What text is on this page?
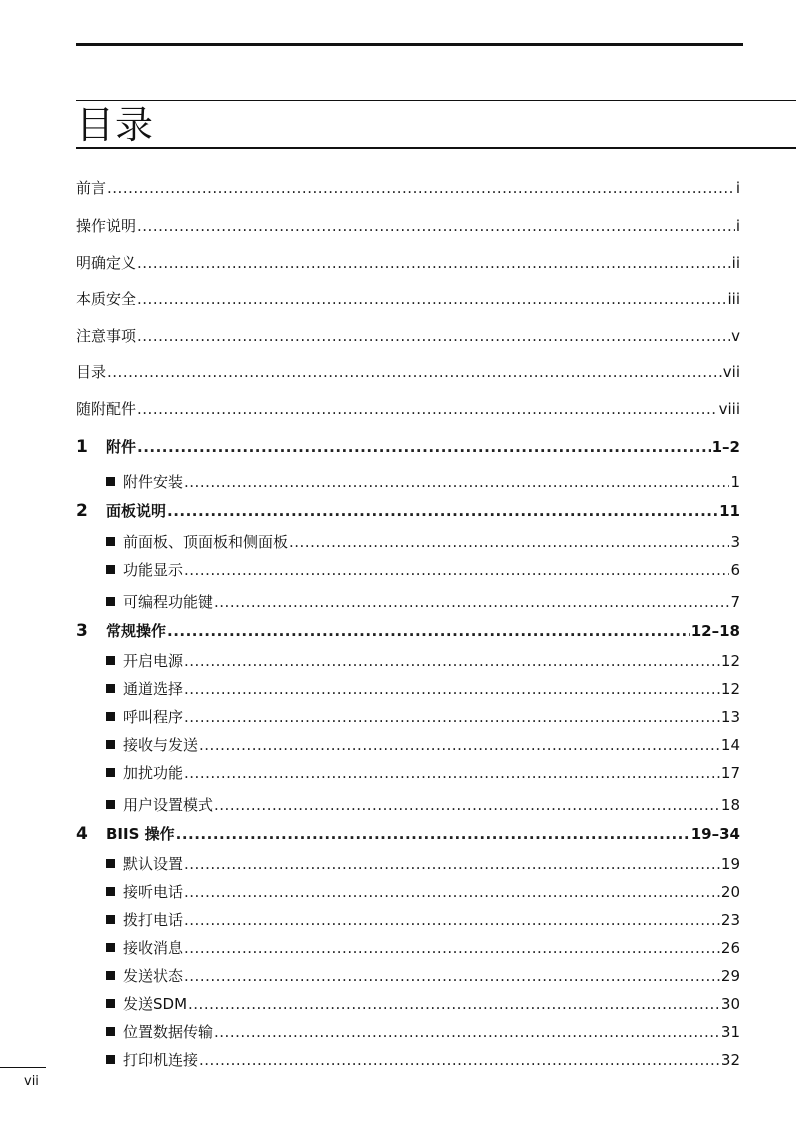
目录
前言 .....	i
操作说明 .....	i
明确定义 .....	ii
本质安全 .....	iii
注意事项 .....	v
目录 .....	vii
随附配件 .....	viii
1 附件 .....	1–2
附件安装 .....	1
2 面板说明 .....	11
前面板、顶面板和侧面板 .....	3
功能显示 .....	6
可编程功能键 .....	7
3 常规操作 .....	12–18
开启电源 .....	12
通道选择 .....	12
呼叫程序 .....	13
接收与发送 .....	14
加扰功能 .....	17
用户设置模式 .....	18
4 BIIS 操作 .....	19–34
默认设置 .....	19
接听电话 .....	20
拨打电话 .....	23
接收消息 .....	26
发送状态 .....	29
发送SDM .....	30
位置数据传输 .....	31
打印机连接 .....	32
vii
